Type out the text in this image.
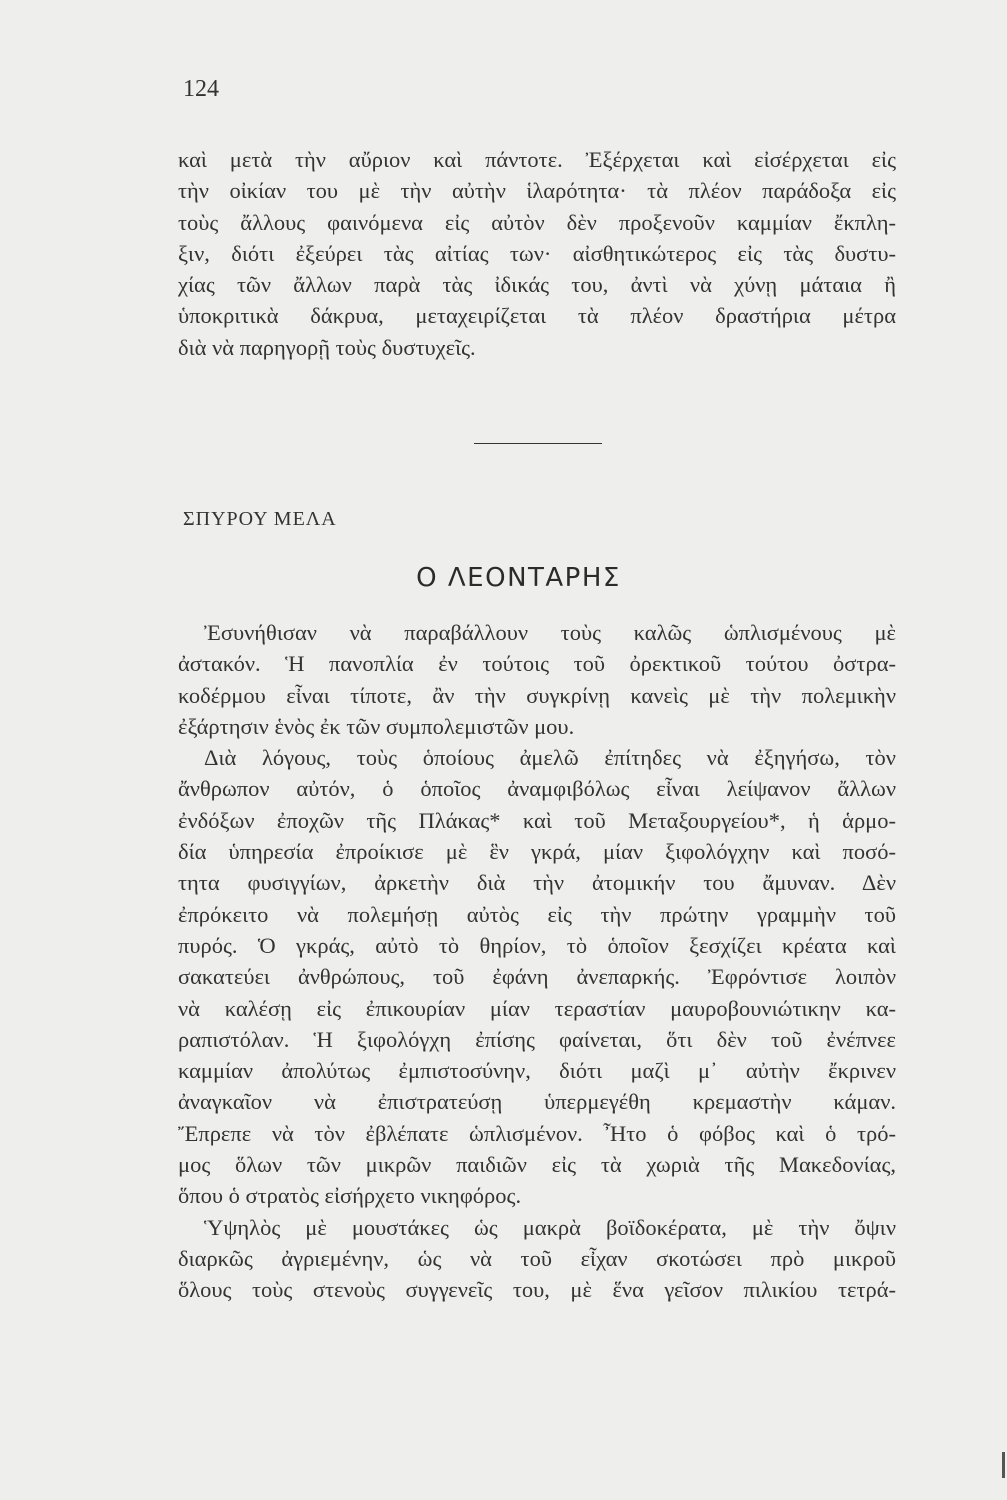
124
καὶ μετὰ τὴν αὔριον καὶ πάντοτε. Ἐξέρχεται καὶ εἰσέρχεται εἰς
τὴν οἰκίαν του μὲ τὴν αὐτὴν ἱλαρότητα· τὰ πλέον παράδοξα εἰς
τοὺς ἄλλους φαινόμενα εἰς αὐτὸν δὲν προξενοῦν καμμίαν ἔκπλη-
ξιν, διότι ἐξεύρει τὰς αἰτίας των· αἰσθητικώτερος εἰς τὰς δυστυ-
χίας τῶν ἄλλων παρὰ τὰς ἰδικάς του, ἀντὶ νὰ χύνῃ μάταια ἢ
ὑποκριτικὰ δάκρυα, μεταχειρίζεται τὰ πλέον δραστήρια μέτρα
διὰ νὰ παρηγορῇ τοὺς δυστυχεῖς.
ΣΠΥΡΟΥ ΜΕΛΑ
Ο ΛΕΟΝΤΑΡΗΣ
Ἐσυνήθισαν νὰ παραβάλλουν τοὺς καλῶς ὡπλισμένους μὲ
ἀστακόν. Ἡ πανοπλία ἐν τούτοις τοῦ ὀρεκτικοῦ τούτου ὀστρα-
κοδέρμου εἶναι τίποτε, ἂν τὴν συγκρίνῃ κανεὶς μὲ τὴν πολεμικὴν
ἐξάρτησιν ἑνὸς ἐκ τῶν συμπολεμιστῶν μου.
Διὰ λόγους, τοὺς ὁποίους ἀμελῶ ἐπίτηδες νὰ ἐξηγήσω, τὸν
ἄνθρωπον αὐτόν, ὁ ὁποῖος ἀναμφιβόλως εἶναι λείψανον ἄλλων
ἐνδόξων ἐποχῶν τῆς Πλάκας* καὶ τοῦ Μεταξουργείου*, ἡ ἁρμο-
δία ὑπηρεσία ἐπροίκισε μὲ ἓν γκρά, μίαν ξιφολόγχην καὶ ποσό-
τητα φυσιγγίων, ἀρκετὴν διὰ τὴν ἀτομικήν του ἄμυναν. Δὲν
ἐπρόκειτο νὰ πολεμήσῃ αὐτὸς εἰς τὴν πρώτην γραμμὴν τοῦ
πυρός. Ὁ γκράς, αὐτὸ τὸ θηρίον, τὸ ὁποῖον ξεσχίζει κρέατα καὶ
σακατεύει ἀνθρώπους, τοῦ ἐφάνη ἀνεπαρκής. Ἐφρόντισε λοιπὸν
νὰ καλέσῃ εἰς ἐπικουρίαν μίαν τεραστίαν μαυροβουνιώτικην κα-
ραπιστόλαν. Ἡ ξιφολόγχη ἐπίσης φαίνεται, ὅτι δὲν τοῦ ἐνέπνεε
καμμίαν ἀπολύτως ἐμπιστοσύνην, διότι μαζὶ μ᾽ αὐτὴν ἔκρινεν
ἀναγκαῖον νὰ ἐπιστρατεύσῃ ὑπερμεγέθη κρεμαστὴν κάμαν.
Ἔπρεπε νὰ τὸν ἐβλέπατε ὡπλισμένον. Ἦτο ὁ φόβος καὶ ὁ τρό-
μος ὅλων τῶν μικρῶν παιδιῶν εἰς τὰ χωριὰ τῆς Μακεδονίας,
ὅπου ὁ στρατὸς εἰσήρχετο νικηφόρος.
Ὑψηλὸς μὲ μουστάκες ὡς μακρὰ βοϊδοκέρατα, μὲ τὴν ὄψιν
διαρκῶς ἀγριεμένην, ὡς νὰ τοῦ εἶχαν σκοτώσει πρὸ μικροῦ
ὅλους τοὺς στενοὺς συγγενεῖς του, μὲ ἕνα γεῖσον πιλικίου τετρά-
